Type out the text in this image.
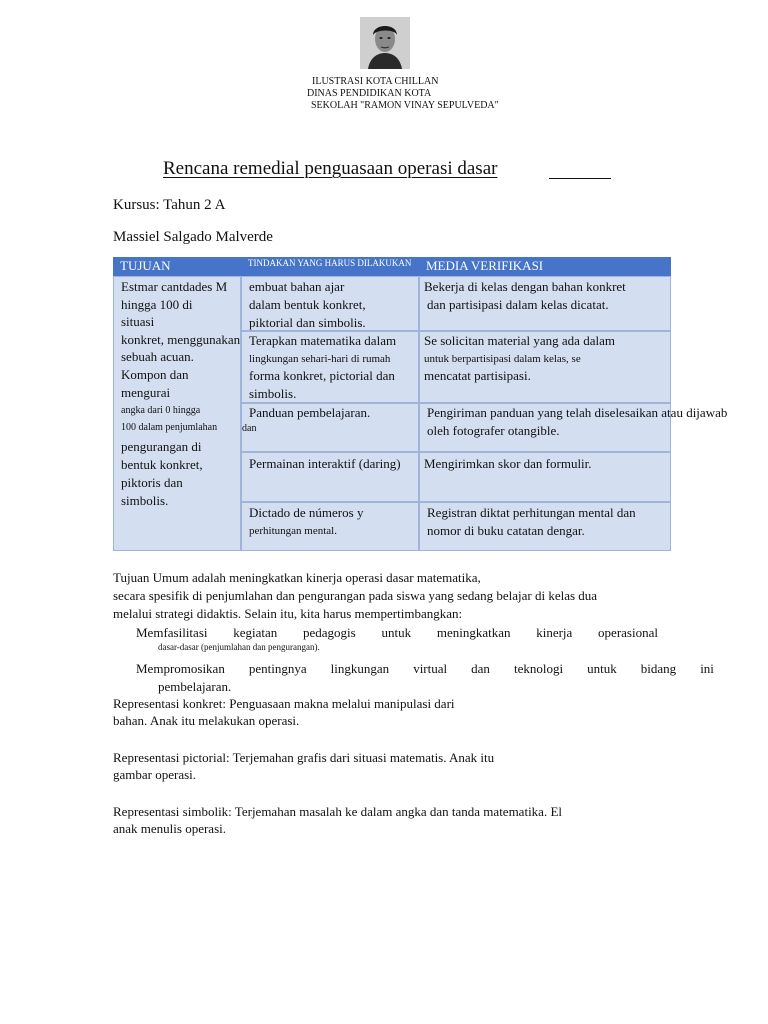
ILUSTRASI KOTA CHILLAN
DINAS PENDIDIKAN KOTA
SEKOLAH "RAMON VINAY SEPULVEDA"
Rencana remedial penguasaan operasi dasar
Kursus: Tahun 2 A
Massiel Salgado Malverde
TUJUAN	TINDAKAN YANG HARUS DILAKUKAN MEDIA VERIFIKASI
Estmar cantdades M
hingga 100 di
situasi
konkret, menggunakan
sebuah acuan.
Kompon dan
mengurai
angka dari 0 hingga
100 dalam penjumlahan
pengurangan di
bentuk konkret,
piktoris dan
simbolis.
embuat bahan ajar
dalam bentuk konkret,
piktorial dan simbolis.
Bekerja di kelas dengan bahan konkret
dan partisipasi dalam kelas dicatat.
Terapkan matematika dalam
lingkungan sehari-hari di rumah
forma konkret, pictorial dan
simbolis.
Se solicitan material yang ada dalam
untuk berpartisipasi dalam kelas, se
mencatat partisipasi.
Panduan pembelajaran.
dan
Pengiriman panduan yang telah diselesaikan atau dijawab
oleh fotografer otangible.
Permainan interaktif (daring) Mengirimkan skor dan formulir.
Dictado de números y
perhitungan mental.
Registran diktat perhitungan mental dan
nomor di buku catatan dengar.
Tujuan Umum adalah meningkatkan kinerja operasi dasar matematika,
secara spesifik di penjumlahan dan pengurangan pada siswa yang sedang belajar di kelas dua
melalui strategi didaktis. Selain itu, kita harus mempertimbangkan:
Memfasilitasi kegiatan pedagogis untuk meningkatkan kinerja operasional
dasar-dasar (penjumlahan dan pengurangan).
Mempromosikan pentingnya lingkungan virtual dan teknologi untuk bidang ini
pembelajaran.
Representasi konkret: Penguasaan makna melalui manipulasi dari
bahan. Anak itu melakukan operasi.
Representasi pictorial: Terjemahan grafis dari situasi matematis. Anak itu
gambar operasi.
Representasi simbolik: Terjemahan masalah ke dalam angka dan tanda matematika. El
anak menulis operasi.
